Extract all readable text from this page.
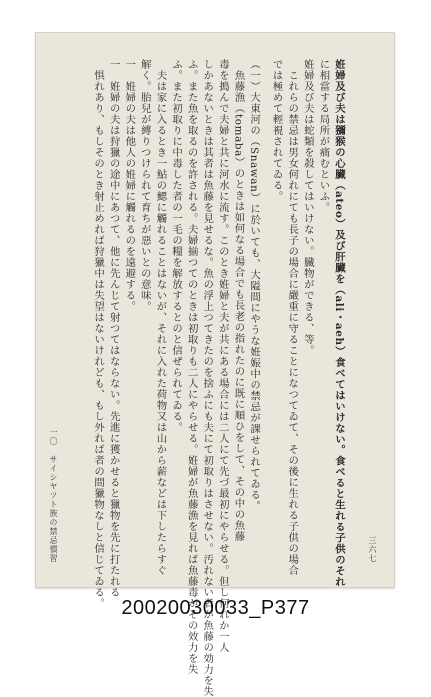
姙婦及び夫は獼猴の心臟（ateo）及び肝臟を（ali・aeh）食べてはいけない。食べると生れる子供のそれ
に相當する局所が痛むといふ。
姙婦及び夫は蛇類を殺してはいけない。臓物ができる、等。
これらの禁忌は男女何れにても長子の場合に嚴重に守ることになつてゐて、その後に生れる子供の場合
では極めて輕視されてゐる。
（一）大東河の（Snawan）に於いても、大隘間にやうな姙娠中の禁忌が課せられてゐる。
魚藤漁（tomaba）のときは如何なる場合でも長老の指れたのに既に順ひをして、その中の魚藤
毒を搗んで夫婦と共に河水に流す。このとき姙婦と夫が共にある場合には二人にて先づ最初にやらせる。但し何れか一人
しかあないときは其者は魚藤を見せるな。魚の浮上つてきたのを捨ふにも夫にて初取りはさせない。汚れない者が魚藤の効力を失
ふ。また魚を取るのを許される。夫婦揃つてのときは初取りも二人にやらせる。姙婦が魚藤漁を見れば魚藤毒がその效力を失
ふ。また初取りに中毒した者の一毛の糧を解放するとのと信ぜられてゐる。
夫は家に入るとき一鮎の鰓に觸れることはないが、それに入れた荷物又は山から薪などは下したらすぐ
解く。胎兒が縛りつけられて育ちが惡いとの意味。
一　姙婦の夫は他人の姙婦に觸れるのを遠避する。
一　姙婦の夫は狩獵の途中にあつて、他に先んじて射つてはならない。先進に獲かせると獵物を先に打たれる
惧れあり、もしそのとき射止めれば狩獵中は失望はないけれども、もし外れば者の間獵物なしと信じてゐる。	三六七
一〇　サイシヤツト族の禁忌慣習
20020030033_P377
